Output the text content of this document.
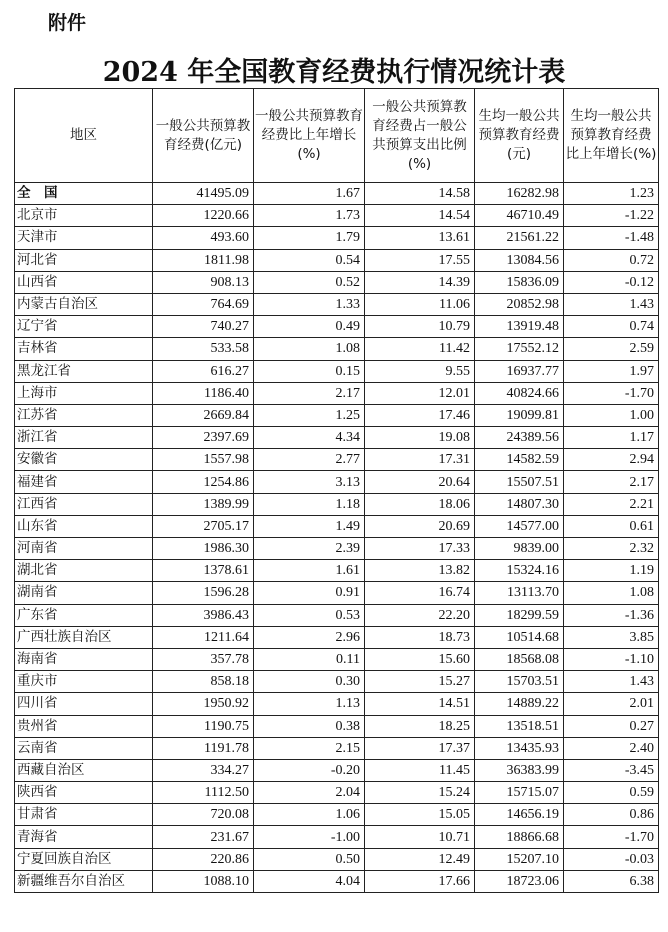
附件
2024 年全国教育经费执行情况统计表
地区	一般公共预算教育经费(亿元)	一般公共预算教育经费比上年增长(%)	一般公共预算教育经费占一般公共预算支出比例(%)	生均一般公共预算教育经费(元)	生均一般公共预算教育经费比上年增长(%)
全　国	41495.09	1.67	14.58	16282.98	1.23
北京市	1220.66	1.73	14.54	46710.49	-1.22
天津市	493.60	1.79	13.61	21561.22	-1.48
河北省	1811.98	0.54	17.55	13084.56	0.72
山西省	908.13	0.52	14.39	15836.09	-0.12
内蒙古自治区	764.69	1.33	11.06	20852.98	1.43
辽宁省	740.27	0.49	10.79	13919.48	0.74
吉林省	533.58	1.08	11.42	17552.12	2.59
黑龙江省	616.27	0.15	9.55	16937.77	1.97
上海市	1186.40	2.17	12.01	40824.66	-1.70
江苏省	2669.84	1.25	17.46	19099.81	1.00
浙江省	2397.69	4.34	19.08	24389.56	1.17
安徽省	1557.98	2.77	17.31	14582.59	2.94
福建省	1254.86	3.13	20.64	15507.51	2.17
江西省	1389.99	1.18	18.06	14807.30	2.21
山东省	2705.17	1.49	20.69	14577.00	0.61
河南省	1986.30	2.39	17.33	9839.00	2.32
湖北省	1378.61	1.61	13.82	15324.16	1.19
湖南省	1596.28	0.91	16.74	13113.70	1.08
广东省	3986.43	0.53	22.20	18299.59	-1.36
广西壮族自治区	1211.64	2.96	18.73	10514.68	3.85
海南省	357.78	0.11	15.60	18568.08	-1.10
重庆市	858.18	0.30	15.27	15703.51	1.43
四川省	1950.92	1.13	14.51	14889.22	2.01
贵州省	1190.75	0.38	18.25	13518.51	0.27
云南省	1191.78	2.15	17.37	13435.93	2.40
西藏自治区	334.27	-0.20	11.45	36383.99	-3.45
陕西省	1112.50	2.04	15.24	15715.07	0.59
甘肃省	720.08	1.06	15.05	14656.19	0.86
青海省	231.67	-1.00	10.71	18866.68	-1.70
宁夏回族自治区	220.86	0.50	12.49	15207.10	-0.03
新疆维吾尔自治区	1088.10	4.04	17.66	18723.06	6.38
